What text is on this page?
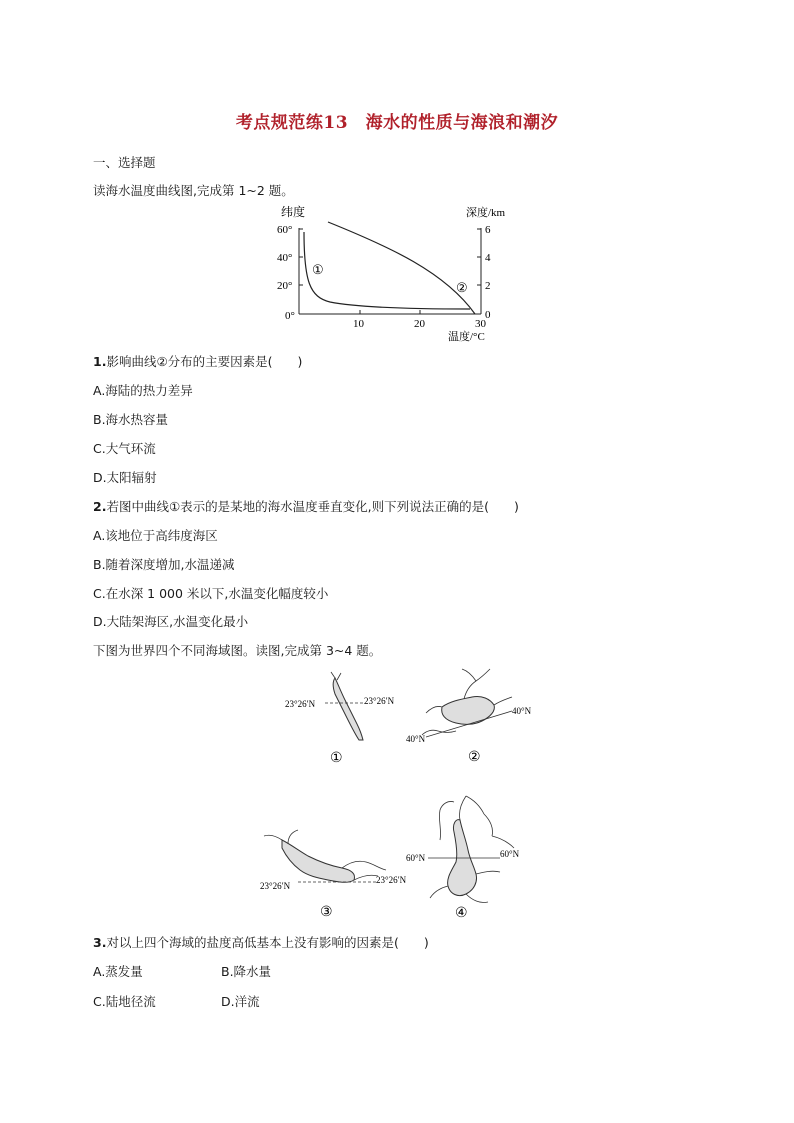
考点规范练13　海水的性质与海浪和潮汐
一、选择题
读海水温度曲线图,完成第 1~2 题。
纬度	深度/km
60°
40°
20°
0°
6
4
2
0
10	20	30
温度/°C
①
②
1.影响曲线②分布的主要因素是(　　)
A.海陆的热力差异
B.海水热容量
C.大气环流
D.太阳辐射
2.若图中曲线①表示的是某地的海水温度垂直变化,则下列说法正确的是(　　)
A.该地位于高纬度海区
B.随着深度增加,水温递减
C.在水深 1 000 米以下,水温变化幅度较小
D.大陆架海区,水温变化最小
下图为世界四个不同海域图。读图,完成第 3~4 题。
23°26′N	23°26′N
①
40°N
40°N
②
23°26′N
23°26′N
③
60°N	60°N
④
3.对以上四个海域的盐度高低基本上没有影响的因素是(　　)
A.蒸发量	B.降水量
C.陆地径流	D.洋流
